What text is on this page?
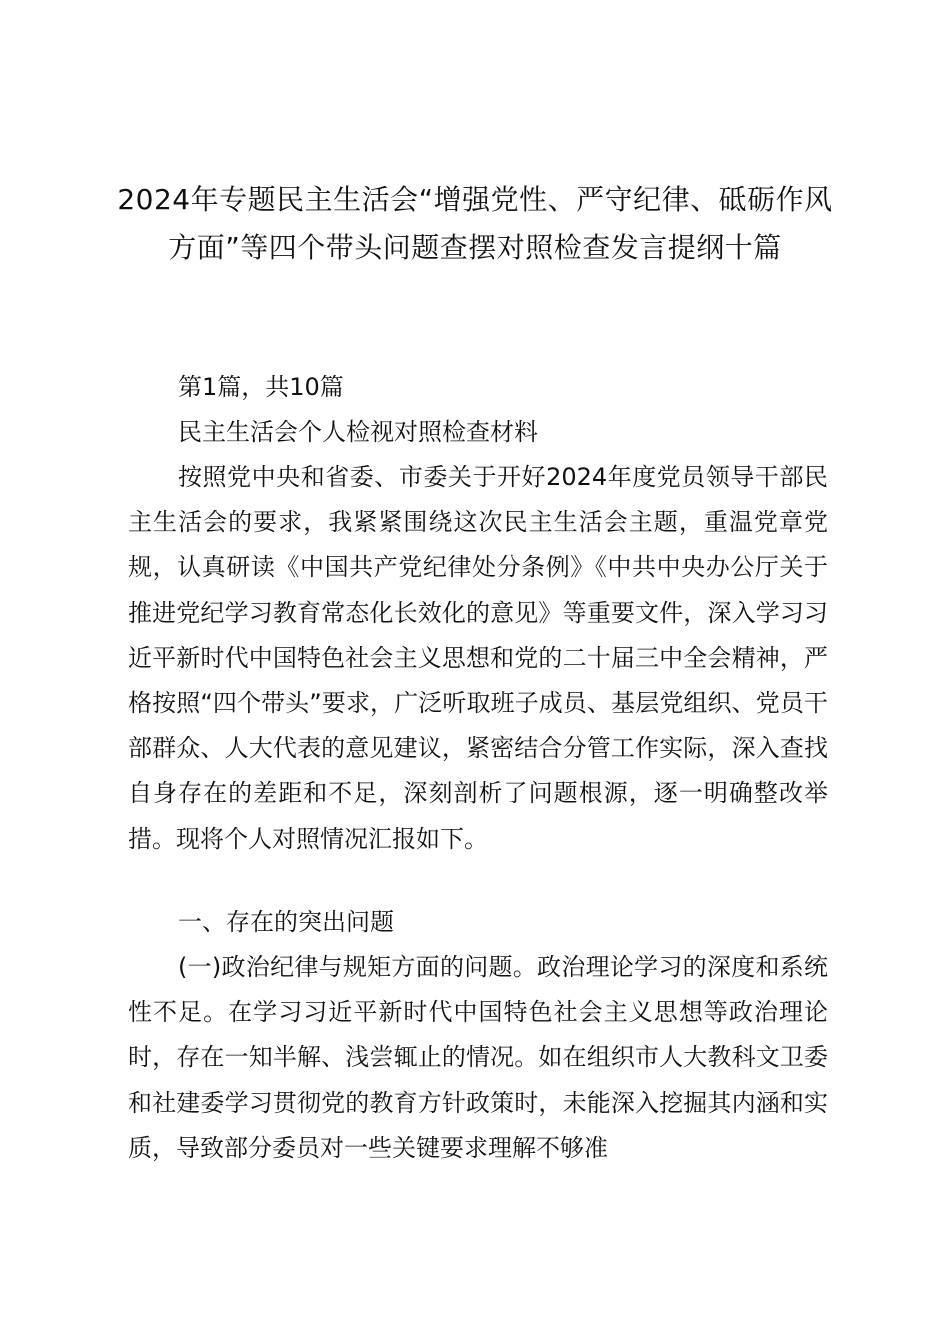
2024年专题民主生活会“增强党性、严守纪律、砥砺作风方面”等四个带头问题查摆对照检查发言提纲十篇
第1篇，共10篇
民主生活会个人检视对照检查材料

按照党中央和省委、市委关于开好2024年度党员领导干部民主生活会的要求，我紧紧围绕这次民主生活会主题，重温党章党规，认真研读《中国共产党纪律处分条例》《中共中央办公厅关于推进党纪学习教育常态化长效化的意见》等重要文件，深入学习习近平新时代中国特色社会主义思想和党的二十届三中全会精神，严格按照“四个带头”要求，广泛听取班子成员、基层党组织、党员干部群众、人大代表的意见建议，紧密结合分管工作实际，深入查找自身存在的差距和不足，深刻剖析了问题根源，逐一明确整改举措。现将个人对照情况汇报如下。

一、存在的突出问题

(一)政治纪律与规矩方面的问题。政治理论学习的深度和系统性不足。在学习习近平新时代中国特色社会主义思想等政治理论时，存在一知半解、浅尝辄止的情况。如在组织市人大教科文卫委和社建委学习贯彻党的教育方针政策时，未能深入挖掘其内涵和实质，导致部分委员对一些关键要求理解不够准
